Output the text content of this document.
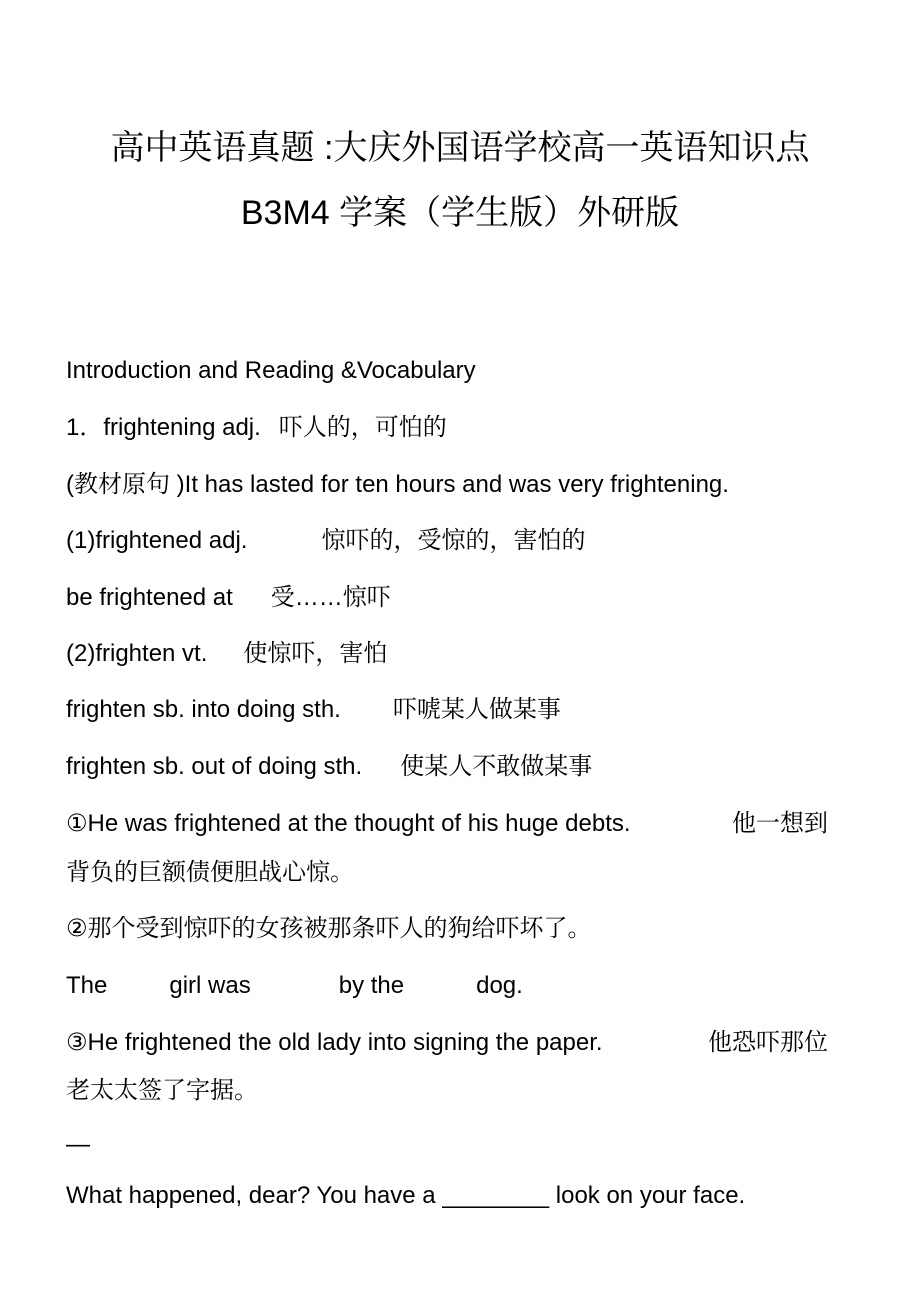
高中英语真题 :大庆外国语学校高一英语知识点
B3M4 学案（学生版）外研版
Introduction and Reading &Vocabulary
1．frightening adj. 吓人的，可怕的
(教材原句 )It has lasted for ten hours and was very frightening.
(1)frightened adj.	惊吓的，受惊的，害怕的
be frightened at 受……惊吓
(2)frighten vt. 使惊吓，害怕
frighten sb. into doing sth. 吓唬某人做某事
frighten sb. out of doing sth. 使某人不敢做某事
①He was frightened at the thought of his huge debts.	他一想到
背负的巨额债便胆战心惊。
②那个受到惊吓的女孩被那条吓人的狗给吓坏了。
The	girl was	by the	dog.
③He frightened the old lady into signing the paper.	他恐吓那位
老太太签了字据。
—
What happened, dear? You have a ________ look on your face.
